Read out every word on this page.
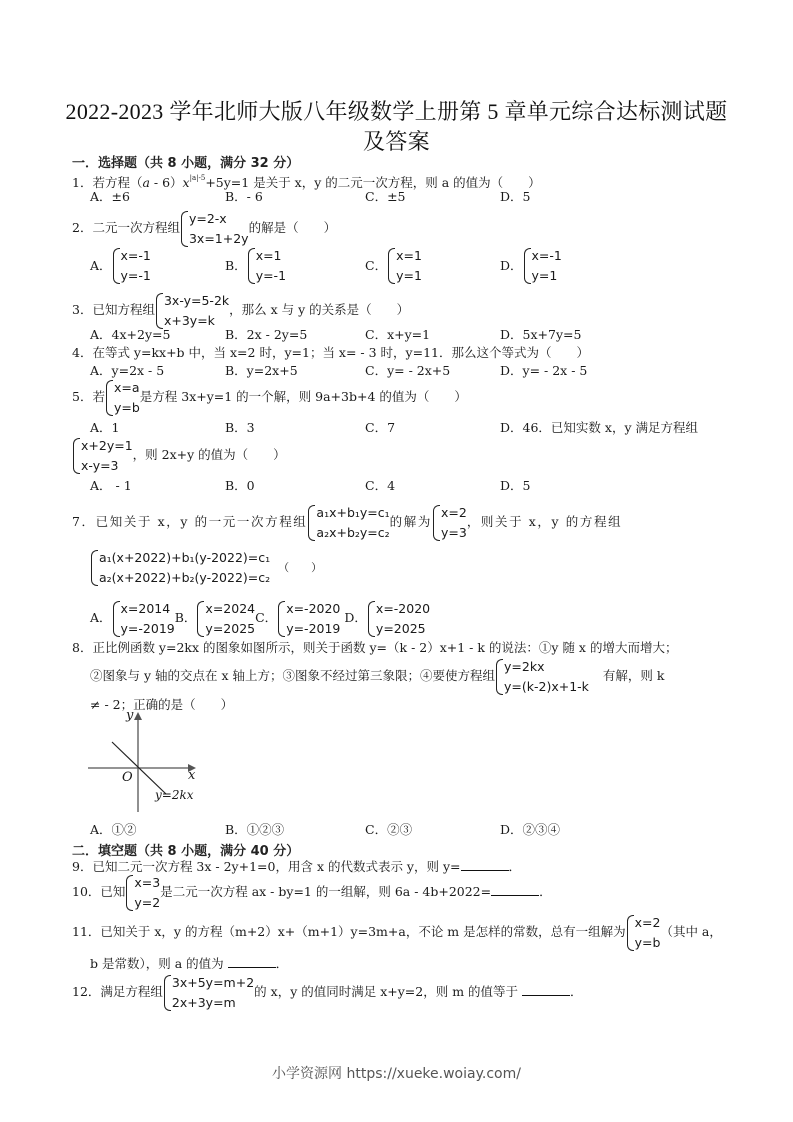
2022-2023 学年北师大版八年级数学上册第 5 章单元综合达标测试题
及答案
一．选择题（共 8 小题，满分 32 分）
1．若方程$(a - 6)x^{|a|-5}+5y=1$ 是关于 x，y 的二元一次方程，则 a 的值为（　　）
A．±6	B．- 6	C．±5	D．5
2．二元一次方程组
y=2-x
3x=1+2y
的解是（　　）
A．
x=-1
y=-1
B．
x=1
y=-1
C．
x=1
y=1
D．
x=-1
y=1
3．已知方程组
3x-y=5-2k
x+3y=k
，那么 x 与 y 的关系是（　　）
A．4x+2y=5	B．2x - 2y=5	C．x+y=1	D．5x+7y=5
4．在等式 y=kx+b 中，当 x=2 时，y=1；当 x= - 3 时，y=11．那么这个等式为（　　）
A．y=2x - 5	B．y=2x+5	C．y= - 2x+5	D．y= - 2x - 5
5．若
x=a
y=b
是方程 3x+y=1 的一个解，则 9a+3b+4 的值为（　　）
A．1	B．3	C．7	D．46．已知实数 x，y 满足方程组
x+2y=1
x-y=3
，则 2x+y 的值为（　　）
A． - 1	B．0	C．4	D．5
7．已知关于 x，y 的一元一次方程组
a₁x+b₁y=c₁
a₂x+b₂y=c₂
的解为
x=2
y=3
，则关于 x，y 的方程组
a₁(x+2022)+b₁(y-2022)=c₁
a₂(x+2022)+b₂(y-2022)=c₂
（　　）
A．
x=2014
y=-2019
B．
x=2024
y=2025
C．
x=-2020
y=-2019
D．
x=-2020
y=2025
8．正比例函数 y=2kx 的图象如图所示，则关于函数 y=（k - 2）x+1 - k 的说法：①y 随 x 的增大而增大；
②图象与 y 轴的交点在 x 轴上方；③图象不经过第三象限；④要使方程组
y=2kx
y=(k-2)x+1-k
有解，则 k
≠ - 2；正确的是（　　）
y
x
O
y=2kx
A．①②	B．①②③	C．②③	D．②③④
二．填空题（共 8 小题，满分 40 分）
9．已知二元一次方程 3x - 2y+1=0，用含 x 的代数式表示 y，则 y=	．
10．已知
x=3
y=2
是二元一次方程 ax - by=1 的一组解，则 6a - 4b+2022=	．
11．已知关于 x，y 的方程（m+2）x+（m+1）y=3m+a，不论 m 是怎样的常数，总有一组解为
x=2
y=b
（其中 a，
b 是常数），则 a 的值为	．
12．满足方程组
3x+5y=m+2
2x+3y=m
的 x，y 的值同时满足 x+y=2，则 m 的值等于	．
小学资源网 https://xueke.woiay.com/
